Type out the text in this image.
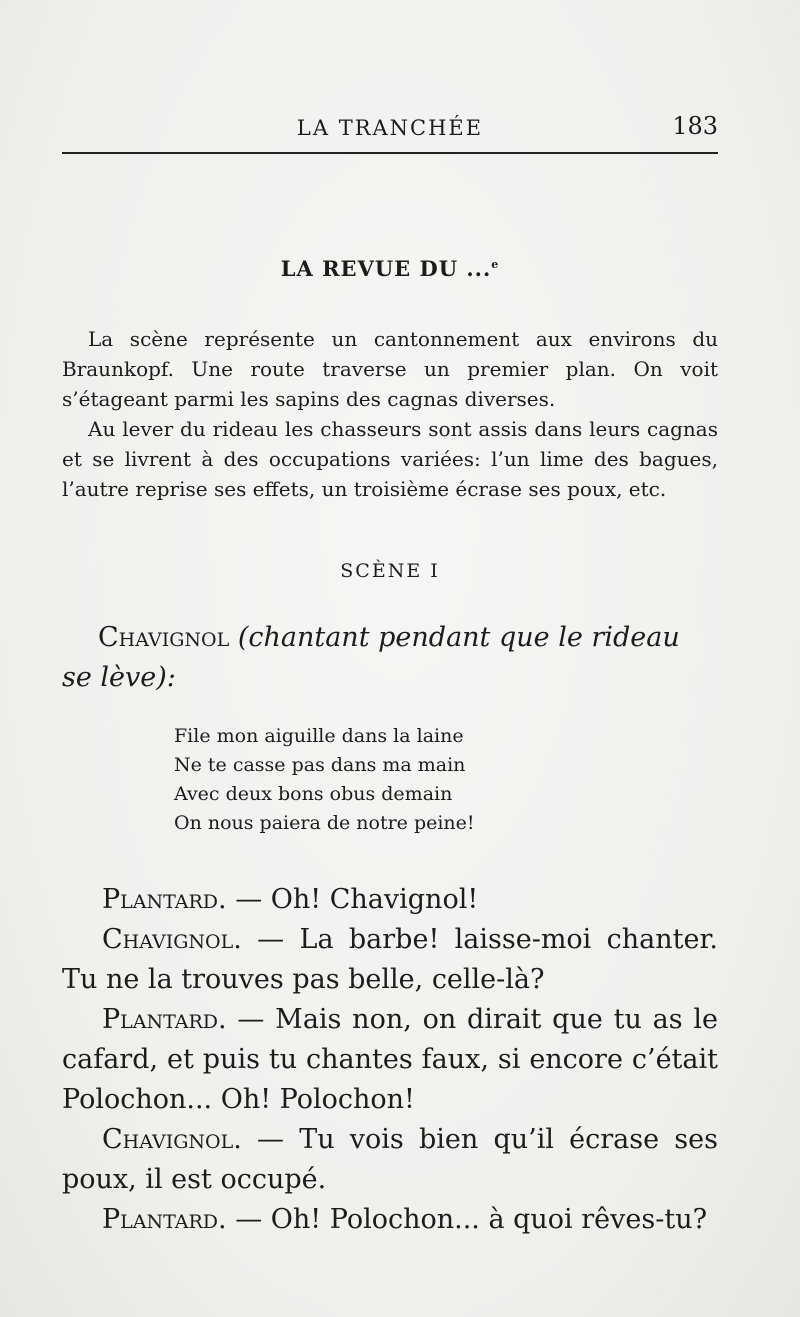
LA TRANCHÉE	183
LA REVUE DU ...$^e$

La scène représente un cantonnement aux environs du Braunkopf. Une route traverse un premier plan. On voit s’étageant parmi les sapins des cagnas diverses.

Au lever du rideau les chasseurs sont assis dans leurs cagnas et se livrent à des occupations variées: l’un lime des bagues, l’autre reprise ses effets, un troisième écrase ses poux, etc.

SCÈNE I
Chavignol (chantant pendant que le rideau se lève):
File mon aiguille dans la laine
Ne te casse pas dans ma main
Avec deux bons obus demain
On nous paiera de notre peine!

Plantard. — Oh! Chavignol!

Chavignol. — La barbe! laisse-moi chanter. Tu ne la trouves pas belle, celle-là?

Plantard. — Mais non, on dirait que tu as le cafard, et puis tu chantes faux, si encore c’était Polochon... Oh! Polochon!

Chavignol. — Tu vois bien qu’il écrase ses poux, il est occupé.

Plantard. — Oh! Polochon... à quoi rêves-tu?
